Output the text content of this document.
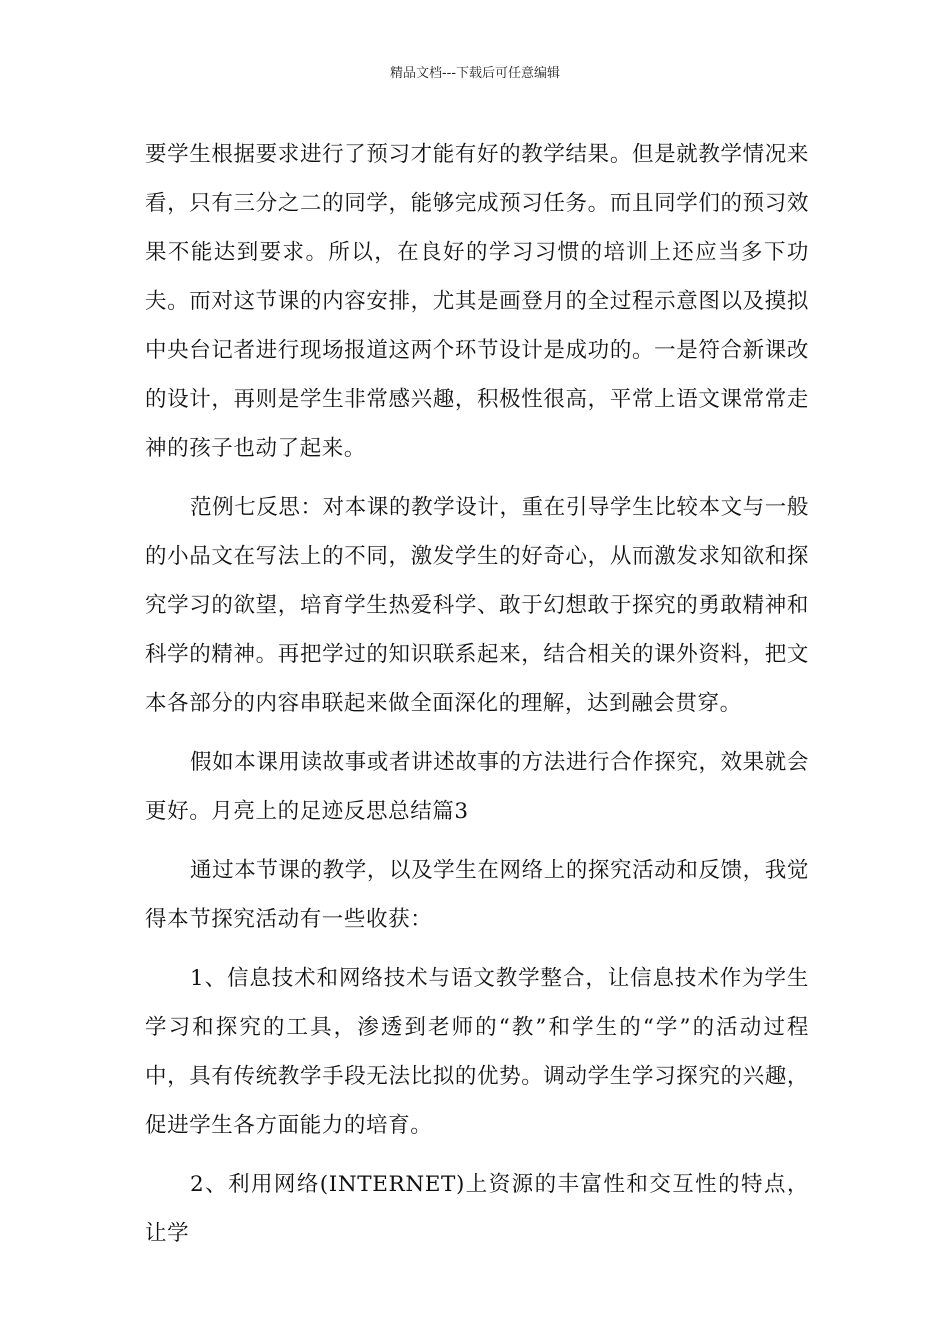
精品文档---下载后可任意编辑

要学生根据要求进行了预习才能有好的教学结果。但是就教学情况来看，只有三分之二的同学，能够完成预习任务。而且同学们的预习效果不能达到要求。所以，在良好的学习习惯的培训上还应当多下功夫。而对这节课的内容安排，尤其是画登月的全过程示意图以及摸拟中央台记者进行现场报道这两个环节设计是成功的。一是符合新课改的设计，再则是学生非常感兴趣，积极性很高，平常上语文课常常走神的孩子也动了起来。

范例七反思：对本课的教学设计，重在引导学生比较本文与一般的小品文在写法上的不同，激发学生的好奇心，从而激发求知欲和探究学习的欲望，培育学生热爱科学、敢于幻想敢于探究的勇敢精神和科学的精神。再把学过的知识联系起来，结合相关的课外资料，把文本各部分的内容串联起来做全面深化的理解，达到融会贯穿。

假如本课用读故事或者讲述故事的方法进行合作探究，效果就会更好。月亮上的足迹反思总结篇3

通过本节课的教学，以及学生在网络上的探究活动和反馈，我觉得本节探究活动有一些收获：

1、信息技术和网络技术与语文教学整合，让信息技术作为学生学习和探究的工具，渗透到老师的“教”和学生的“学”的活动过程中，具有传统教学手段无法比拟的优势。调动学生学习探究的兴趣，促进学生各方面能力的培育。

2、利用网络(INTERNET)上资源的丰富性和交互性的特点，让学
